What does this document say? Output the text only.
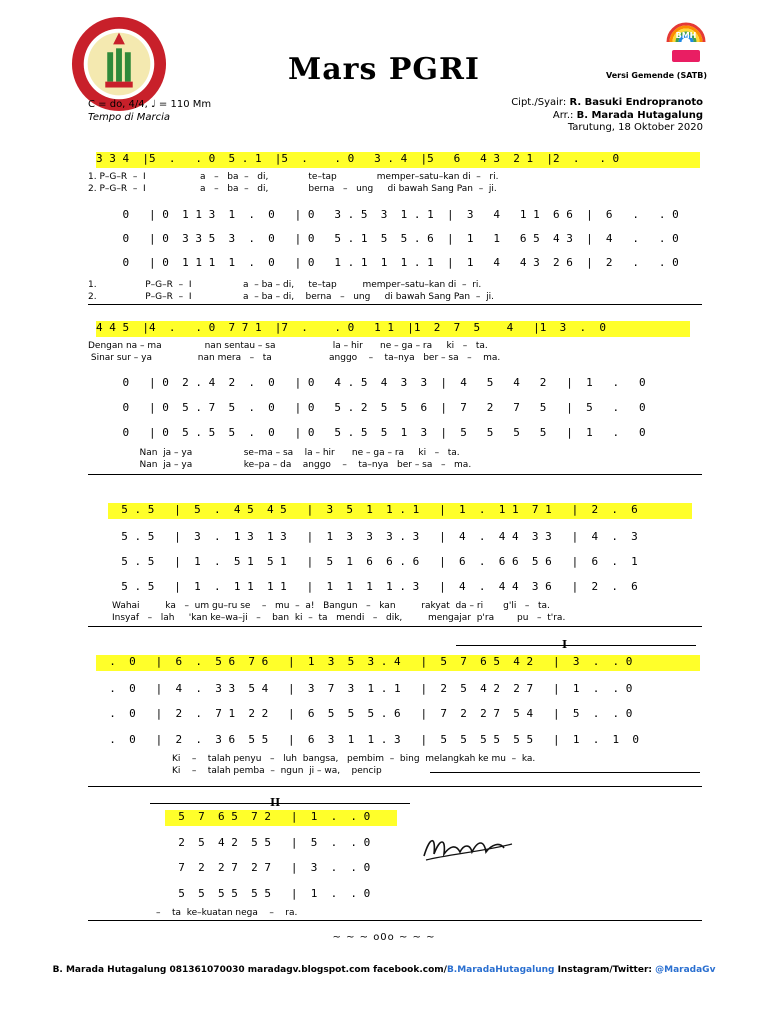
Mars PGRI
BMH
Versi Gemende (SATB)
C = do, 4/4, ♩ = 110 Mm
Tempo di Marcia
Cipt./Syair: R. Basuki Endropranoto
Arr.: B. Marada Hutagalung
Tarutung, 18 Oktober 2020
3 3 4  |5  .   . 0  5 . 1  |5  .    . 0   3 . 4  |5   6   4 3  2 1  |2  .   . 0
1. P–G–R  –  I                   a   –   ba  –   di,              te–tap              memper–satu–kan di  –   ri.
2. P–G–R  –  I                   a   –   ba  –   di,              berna   –   ung     di bawah Sang Pan  –  ji.
0   | 0  1 1 3  1  .  0   | 0   3 . 5  3  1 . 1  |  3   4   1 1  6 6  |  6   .   . 0
0   | 0  3 3 5  3  .  0   | 0   5 . 1  5  5 . 6  |  1   1   6 5  4 3  |  4   .   . 0
0   | 0  1 1 1  1  .  0   | 0   1 . 1  1  1 . 1  |  1   4   4 3  2 6  |  2   .   . 0
1.                 P–G–R  –  I                  a  – ba – di,     te–tap         memper–satu–kan di  –  ri.
2.                 P–G–R  –  I                  a  – ba – di,    berna   –   ung     di bawah Sang Pan  –  ji.
4 4 5  |4  .   . 0  7 7 1  |7  .    . 0   1 1  |1  2  7  5    4   |1  3  .  0
Dengan na – ma               nan sentau – sa                    la – hir      ne – ga – ra     ki   –   ta.
Sinar sur – ya                nan mera   –   ta                    anggo    –    ta–nya   ber – sa   –    ma.
0   | 0  2 . 4  2  .  0   | 0   4 . 5  4  3  3  |  4   5   4   2   |  1   .   0
0   | 0  5 . 7  5  .  0   | 0   5 . 2  5  5  6  |  7   2   7   5   |  5   .   0
0   | 0  5 . 5  5  .  0   | 0   5 . 5  5  1  3  |  5   5   5   5   |  1   .   0
Nan  ja – ya                  se–ma – sa    la – hir      ne – ga – ra     ki   –   ta.
Nan  ja – ya                  ke–pa – da    anggo    –    ta–nya   ber – sa   –   ma.
5 . 5   |  5  .  4 5  4 5   |  3  5  1  1 . 1   |  1  .  1 1  7 1   |  2  .  6
5 . 5   |  3  .  1 3  1 3   |  1  3  3  3 . 3   |  4  .  4 4  3 3   |  4  .  3
5 . 5   |  1  .  5 1  5 1   |  5  1  6  6 . 6   |  6  .  6 6  5 6   |  6  .  1
5 . 5   |  1  .  1 1  1 1   |  1  1  1  1 . 3   |  4  .  4 4  3 6   |  2  .  6
Wahai         ka   –  um gu–ru se    –   mu  –  a!   Bangun   –   kan         rakyat  da – ri       g'li   –   ta.
Insyaf   –   lah     'kan ke–wa–ji   –    ban  ki  –  ta   mendi   –   dik,         mengajar  p'ra        pu   –  t'ra.
I
.  0   |  6  .  5 6  7 6   |  1  3  5  3 . 4   |  5  7  6 5  4 2   |  3  .  . 0
.  0   |  4  .  3 3  5 4   |  3  7  3  1 . 1   |  2  5  4 2  2 7   |  1  .  . 0
.  0   |  2  .  7 1  2 2   |  6  5  5  5 . 6   |  7  2  2 7  5 4   |  5  .  . 0
.  0   |  2  .  3 6  5 5   |  6  3  1  1 . 3   |  5  5  5 5  5 5   |  1  .  1  0
Ki    –    talah penyu   –   luh  bangsa,   pembim  –  bing  melangkah ke mu  –  ka.
Ki    –    talah pemba  –  ngun  ji – wa,    pencip
II
5  7  6 5  7 2   |  1  .  . 0
2  5  4 2  5 5   |  5  .  . 0
7  2  2 7  2 7   |  3  .  . 0
5  5  5 5  5 5   |  1  .  . 0
–    ta  ke–kuatan nega    –    ra.
~ ~ ~ o0o ~ ~ ~
B. Marada Hutagalung 081361070030 maradagv.blogspot.com facebook.com/B.MaradaHutagalung Instagram/Twitter: @MaradaGv
